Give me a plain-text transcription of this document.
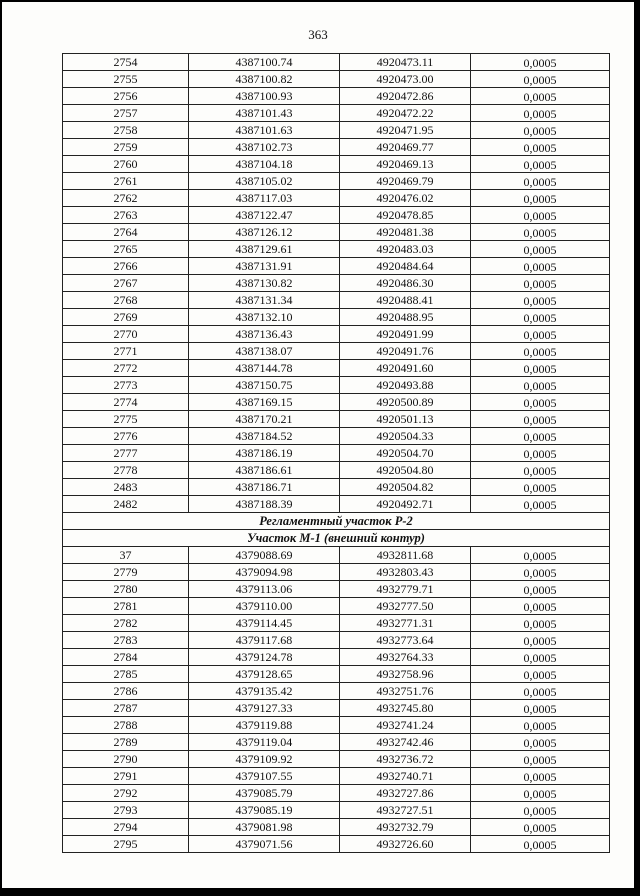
363
2754	4387100.74	4920473.11	0,0005
2755	4387100.82	4920473.00	0,0005
2756	4387100.93	4920472.86	0,0005
2757	4387101.43	4920472.22	0,0005
2758	4387101.63	4920471.95	0,0005
2759	4387102.73	4920469.77	0,0005
2760	4387104.18	4920469.13	0,0005
2761	4387105.02	4920469.79	0,0005
2762	4387117.03	4920476.02	0,0005
2763	4387122.47	4920478.85	0,0005
2764	4387126.12	4920481.38	0,0005
2765	4387129.61	4920483.03	0,0005
2766	4387131.91	4920484.64	0,0005
2767	4387130.82	4920486.30	0,0005
2768	4387131.34	4920488.41	0,0005
2769	4387132.10	4920488.95	0,0005
2770	4387136.43	4920491.99	0,0005
2771	4387138.07	4920491.76	0,0005
2772	4387144.78	4920491.60	0,0005
2773	4387150.75	4920493.88	0,0005
2774	4387169.15	4920500.89	0,0005
2775	4387170.21	4920501.13	0,0005
2776	4387184.52	4920504.33	0,0005
2777	4387186.19	4920504.70	0,0005
2778	4387186.61	4920504.80	0,0005
2483	4387186.71	4920504.82	0,0005
2482	4387188.39	4920492.71	0,0005
Регламентный участок Р-2			
Участок М-1 (внешний контур)			
37	4379088.69	4932811.68	0,0005
2779	4379094.98	4932803.43	0,0005
2780	4379113.06	4932779.71	0,0005
2781	4379110.00	4932777.50	0,0005
2782	4379114.45	4932771.31	0,0005
2783	4379117.68	4932773.64	0,0005
2784	4379124.78	4932764.33	0,0005
2785	4379128.65	4932758.96	0,0005
2786	4379135.42	4932751.76	0,0005
2787	4379127.33	4932745.80	0,0005
2788	4379119.88	4932741.24	0,0005
2789	4379119.04	4932742.46	0,0005
2790	4379109.92	4932736.72	0,0005
2791	4379107.55	4932740.71	0,0005
2792	4379085.79	4932727.86	0,0005
2793	4379085.19	4932727.51	0,0005
2794	4379081.98	4932732.79	0,0005
2795	4379071.56	4932726.60	0,0005
